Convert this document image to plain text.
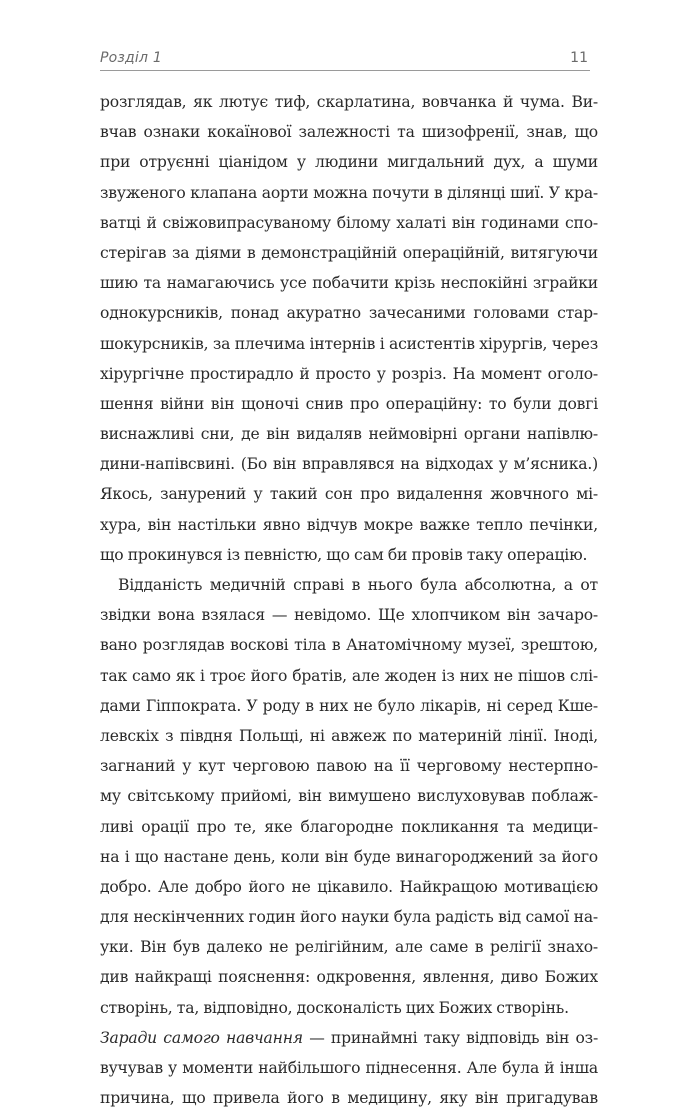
Розділ 1	11
розглядав, як лютує тиф, скарлатина, вовчанка й чума. Ви-
вчав ознаки кокаїнової залежності та шизофренії, знав, що
при отруєнні ціанідом у людини мигдальний дух, а шуми
звуженого клапана аорти можна почути в ділянці шиї. У кра-
ватці й свіжовипрасуваному білому халаті він годинами спо-
стерігав за діями в демонстраційній операційній, витягуючи
шию та намагаючись усе побачити крізь неспокійні зграйки
однокурсників, понад акуратно зачесаними головами стар-
шокурсників, за плечима інтернів і асистентів хірургів, через
хірургічне простирадло й просто у розріз. На момент оголо-
шення війни він щоночі снив про операційну: то були довгі
виснажливі сни, де він видаляв неймовірні органи напівлю-
дини-напівсвині. (Бо він вправлявся на відходах у м’ясника.)
Якось, занурений у такий сон про видалення жовчного мі-
хура, він настільки явно відчув мокре важке тепло печінки,
що прокинувся із певністю, що сам би провів таку операцію.
Відданість медичній справі в нього була абсолютна, а от
звідки вона взялася — невідомо. Ще хлопчиком він зачаро-
вано розглядав воскові тіла в Анатомічному музеї, зрештою,
так само як і троє його братів, але жоден із них не пішов слі-
дами Гіппократа. У роду в них не було лікарів, ні серед Кше-
левскіх з півдня Польщі, ні авжеж по материній лінії. Іноді,
загнаний у кут черговою павою на її черговому нестерпно-
му світському прийомі, він вимушено вислуховував поблаж-
ливі орації про те, яке благородне покликання та медици-
на і що настане день, коли він буде винагороджений за його
добро. Але добро його не цікавило. Найкращою мотивацією
для нескінченних годин його науки була радість від самої на-
уки. Він був далеко не релігійним, але саме в релігії знахо-
див найкращі пояснення: одкровення, явлення, диво Божих
створінь, та, відповідно, досконалість цих Божих створінь.
Заради самого навчання — принаймні таку відповідь він оз-
вучував у моменти найбільшого піднесення. Але була й інша
причина, що привела його в медицину, яку він пригадував
